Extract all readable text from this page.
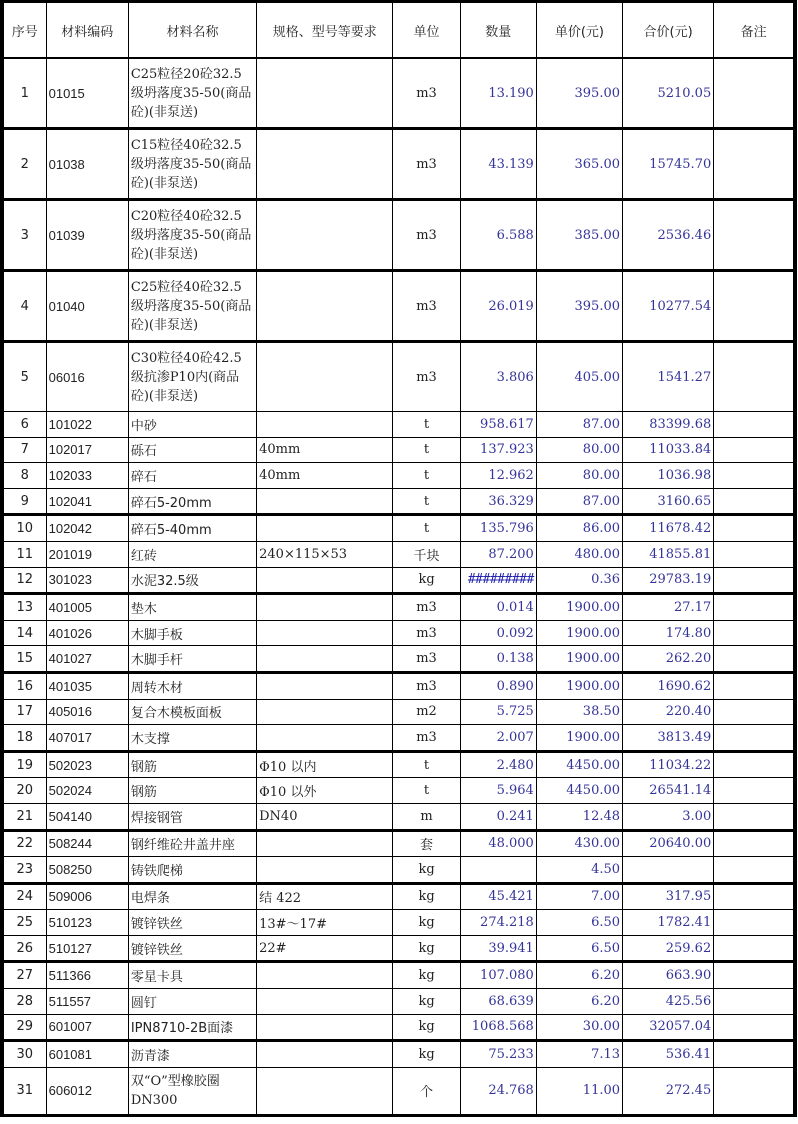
序号	材料编码	材料名称	规格、型号等要求	单位	数量	单价(元)	合价(元)	备注
1	01015	C25粒径20砼32.5级坍落度35-50(商品砼)(非泵送)		m3	13.190	395.00	5210.05	
2	01038	C15粒径40砼32.5级坍落度35-50(商品砼)(非泵送)		m3	43.139	365.00	15745.70	
3	01039	C20粒径40砼32.5级坍落度35-50(商品砼)(非泵送)		m3	6.588	385.00	2536.46	
4	01040	C25粒径40砼32.5级坍落度35-50(商品砼)(非泵送)		m3	26.019	395.00	10277.54	
5	06016	C30粒径40砼42.5级抗渗P10内(商品砼)(非泵送)		m3	3.806	405.00	1541.27	
6	101022	中砂		t	958.617	87.00	83399.68	
7	102017	砾石	40mm	t	137.923	80.00	11033.84	
8	102033	碎石	40mm	t	12.962	80.00	1036.98	
9	102041	碎石5-20mm		t	36.329	87.00	3160.65	
10	102042	碎石5-40mm		t	135.796	86.00	11678.42	
11	201019	红砖	240×115×53	千块	87.200	480.00	41855.81	
12	301023	水泥32.5级		kg	#########	0.36	29783.19	
13	401005	垫木		m3	0.014	1900.00	27.17	
14	401026	木脚手板		m3	0.092	1900.00	174.80	
15	401027	木脚手杆		m3	0.138	1900.00	262.20	
16	401035	周转木材		m3	0.890	1900.00	1690.62	
17	405016	复合木模板面板		m2	5.725	38.50	220.40	
18	407017	木支撑		m3	2.007	1900.00	3813.49	
19	502023	钢筋	Φ10 以内	t	2.480	4450.00	11034.22	
20	502024	钢筋	Φ10 以外	t	5.964	4450.00	26541.14	
21	504140	焊接钢管	DN40	m	0.241	12.48	3.00	
22	508244	钢纤维砼井盖井座		套	48.000	430.00	20640.00	
23	508250	铸铁爬梯		kg		4.50		
24	509006	电焊条	结 422	kg	45.421	7.00	317.95	
25	510123	镀锌铁丝	13#～17#	kg	274.218	6.50	1782.41	
26	510127	镀锌铁丝	22#	kg	39.941	6.50	259.62	
27	511366	零星卡具		kg	107.080	6.20	663.90	
28	511557	圆钉		kg	68.639	6.20	425.56	
29	601007	IPN8710-2B面漆		kg	1068.568	30.00	32057.04	
30	601081	沥青漆		kg	75.233	7.13	536.41	
31	606012	双“O”型橡胶圈DN300		个	24.768	11.00	272.45	
